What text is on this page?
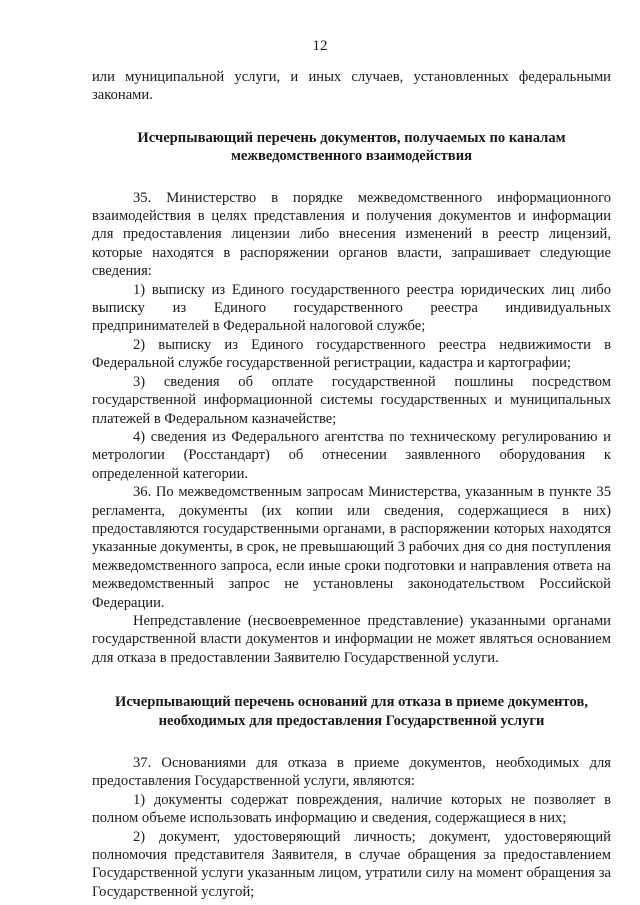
12

или муниципальной услуги, и иных случаев, установленных федеральными законами.

Исчерпывающий перечень документов, получаемых по каналам
межведомственного взаимодействия

35. Министерство в порядке межведомственного информационного взаимодействия в целях представления и получения документов и информации для предоставления лицензии либо внесения изменений в реестр лицензий, которые находятся в распоряжении органов власти, запрашивает следующие сведения:

1) выписку из Единого государственного реестра юридических лиц либо выписку из Единого государственного реестра индивидуальных предпринимателей в Федеральной налоговой службе;

2) выписку из Единого государственного реестра недвижимости в Федеральной службе государственной регистрации, кадастра и картографии;

3) сведения об оплате государственной пошлины посредством государственной информационной системы государственных и муниципальных платежей в Федеральном казначействе;

4) сведения из Федерального агентства по техническому регулированию и метрологии (Росстандарт) об отнесении заявленного оборудования к определенной категории.

36. По межведомственным запросам Министерства, указанным в пункте 35 регламента, документы (их копии или сведения, содержащиеся в них) предоставляются государственными органами, в распоряжении которых находятся указанные документы, в срок, не превышающий 3 рабочих дня со дня поступления межведомственного запроса, если иные сроки подготовки и направления ответа на межведомственный запрос не установлены законодательством Российской Федерации.

Непредставление (несвоевременное представление) указанными органами государственной власти документов и информации не может являться основанием для отказа в предоставлении Заявителю Государственной услуги.

Исчерпывающий перечень оснований для отказа в приеме документов,
необходимых для предоставления Государственной услуги

37. Основаниями для отказа в приеме документов, необходимых для предоставления Государственной услуги, являются:

1) документы содержат повреждения, наличие которых не позволяет в полном объеме использовать информацию и сведения, содержащиеся в них;

2) документ, удостоверяющий личность; документ, удостоверяющий полномочия представителя Заявителя, в случае обращения за предоставлением Государственной услуги указанным лицом, утратили силу на момент обращения за Государственной услугой;
